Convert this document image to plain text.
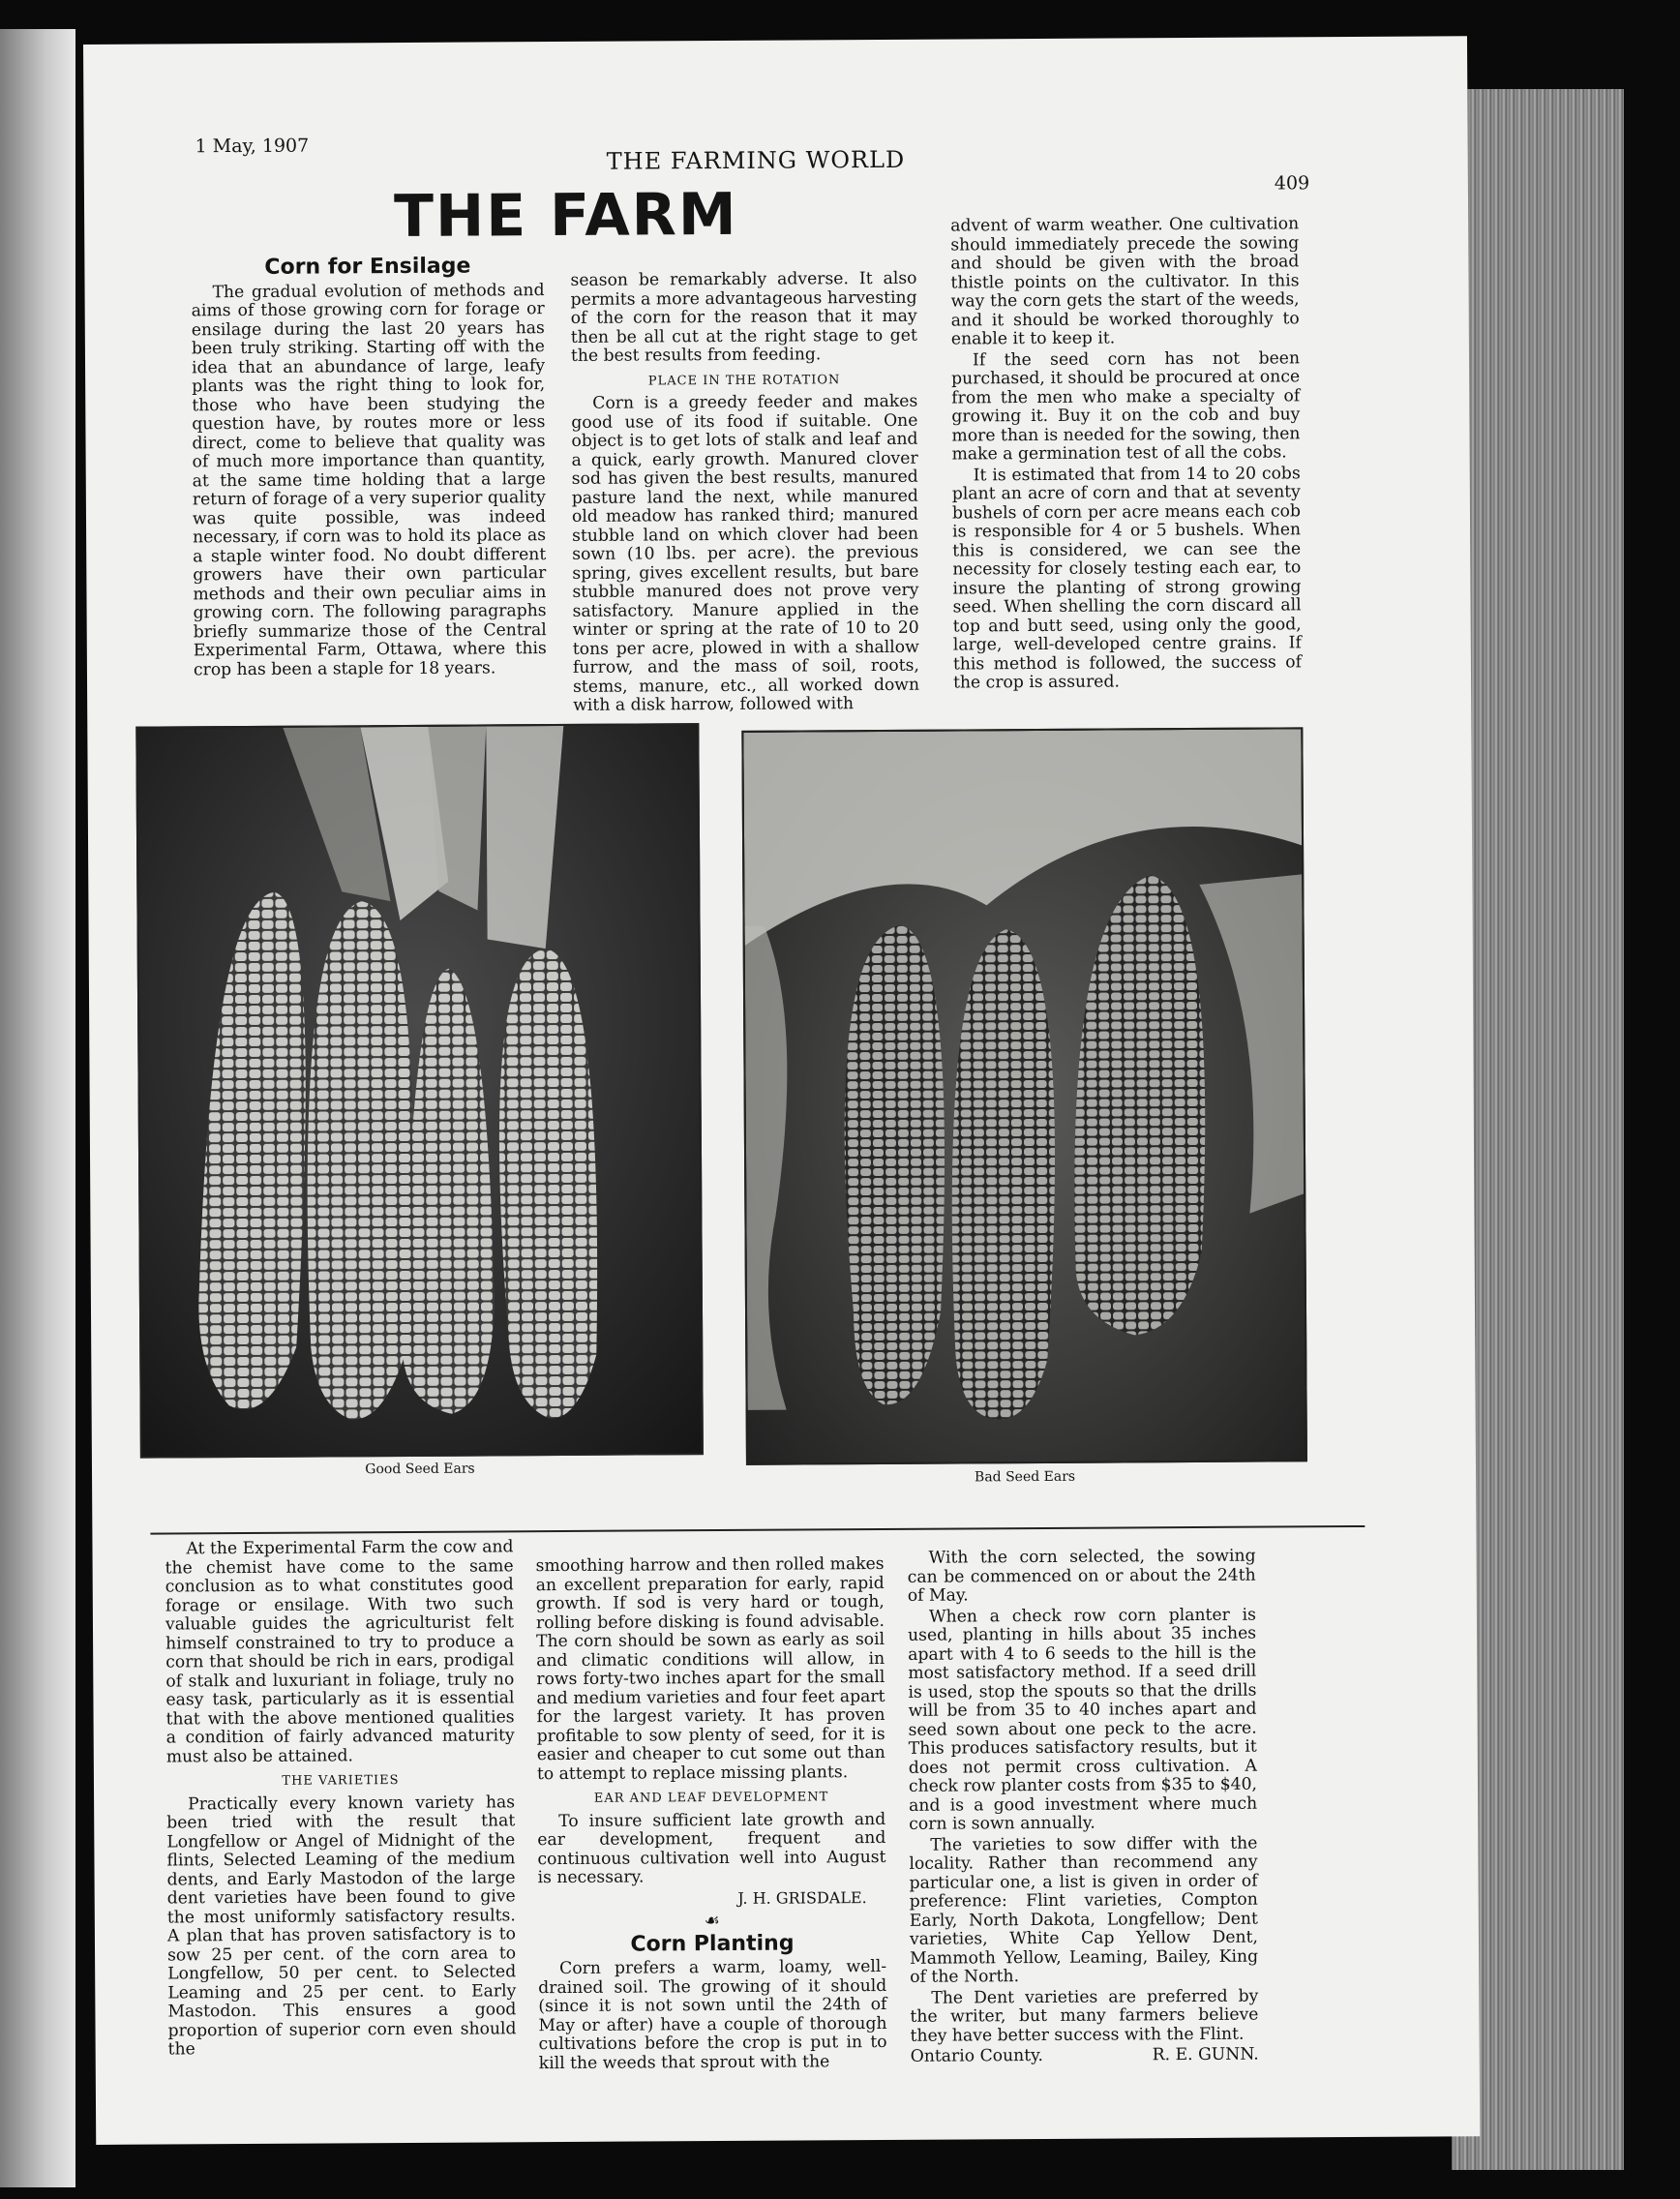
1 May, 1907	THE FARMING WORLD
409
THE FARM
Corn for Ensilage

The gradual evolution of methods and aims of those growing corn for forage or ensilage during the last 20 years has been truly striking. Starting off with the idea that an abundance of large, leafy plants was the right thing to look for, those who have been studying the question have, by routes more or less direct, come to believe that quality was of much more importance than quantity, at the same time holding that a large return of forage of a very superior quality was quite possible, was indeed necessary, if corn was to hold its place as a staple winter food. No doubt different growers have their own particular methods and their own peculiar aims in growing corn. The following paragraphs briefly summarize those of the Central Experimental Farm, Ottawa, where this crop has been a staple for 18 years.

season be remarkably adverse. It also permits a more advantageous harvesting of the corn for the reason that it may then be all cut at the right stage to get the best results from feeding.

PLACE IN THE ROTATION

Corn is a greedy feeder and makes good use of its food if suitable. One object is to get lots of stalk and leaf and a quick, early growth. Manured clover sod has given the best results, manured pasture land the next, while manured old meadow has ranked third; manured stubble land on which clover had been sown (10 lbs. per acre). the previous spring, gives excellent results, but bare stubble manured does not prove very satisfactory. Manure applied in the winter or spring at the rate of 10 to 20 tons per acre, plowed in with a shallow furrow, and the mass of soil, roots, stems, manure, etc., all worked down with a disk harrow, followed with

advent of warm weather. One cultivation should immediately precede the sowing and should be given with the broad thistle points on the cultivator. In this way the corn gets the start of the weeds, and it should be worked thoroughly to enable it to keep it.

If the seed corn has not been purchased, it should be procured at once from the men who make a specialty of growing it. Buy it on the cob and buy more than is needed for the sowing, then make a germination test of all the cobs.

It is estimated that from 14 to 20 cobs plant an acre of corn and that at seventy bushels of corn per acre means each cob is responsible for 4 or 5 bushels. When this is considered, we can see the necessity for closely testing each ear, to insure the planting of strong growing seed. When shelling the corn discard all top and butt seed, using only the good, large, well-developed centre grains. If this method is followed, the success of the crop is assured.

Good Seed Ears	Bad Seed Ears

At the Experimental Farm the cow and the chemist have come to the same conclusion as to what constitutes good forage or ensilage. With two such valuable guides the agriculturist felt himself constrained to try to produce a corn that should be rich in ears, prodigal of stalk and luxuriant in foliage, truly no easy task, particularly as it is essential that with the above mentioned qualities a condition of fairly advanced maturity must also be attained.

THE VARIETIES

Practically every known variety has been tried with the result that Longfellow or Angel of Midnight of the flints, Selected Leaming of the medium dents, and Early Mastodon of the large dent varieties have been found to give the most uniformly satisfactory results. A plan that has proven satisfactory is to sow 25 per cent. of the corn area to Longfellow, 50 per cent. to Selected Leaming and 25 per cent. to Early Mastodon. This ensures a good proportion of superior corn even should the

smoothing harrow and then rolled makes an excellent preparation for early, rapid growth. If sod is very hard or tough, rolling before disking is found advisable. The corn should be sown as early as soil and climatic conditions will allow, in rows forty-two inches apart for the small and medium varieties and four feet apart for the largest variety. It has proven profitable to sow plenty of seed, for it is easier and cheaper to cut some out than to attempt to replace missing plants.

EAR AND LEAF DEVELOPMENT

To insure sufficient late growth and ear development, frequent and continuous cultivation well into August is necessary.

J. H. GRISDALE.

☙
Corn Planting

Corn prefers a warm, loamy, well-drained soil. The growing of it should (since it is not sown until the 24th of May or after) have a couple of thorough cultivations before the crop is put in to kill the weeds that sprout with the

With the corn selected, the sowing can be commenced on or about the 24th of May.

When a check row corn planter is used, planting in hills about 35 inches apart with 4 to 6 seeds to the hill is the most satisfactory method. If a seed drill is used, stop the spouts so that the drills will be from 35 to 40 inches apart and seed sown about one peck to the acre. This produces satisfactory results, but it does not permit cross cultivation. A check row planter costs from $35 to $40, and is a good investment where much corn is sown annually.

The varieties to sow differ with the locality. Rather than recommend any particular one, a list is given in order of preference: Flint varieties, Compton Early, North Dakota, Longfellow; Dent varieties, White Cap Yellow Dent, Mammoth Yellow, Leaming, Bailey, King of the North.

The Dent varieties are preferred by the writer, but many farmers believe they have better success with the Flint.

Ontario County.	R. E. GUNN.
